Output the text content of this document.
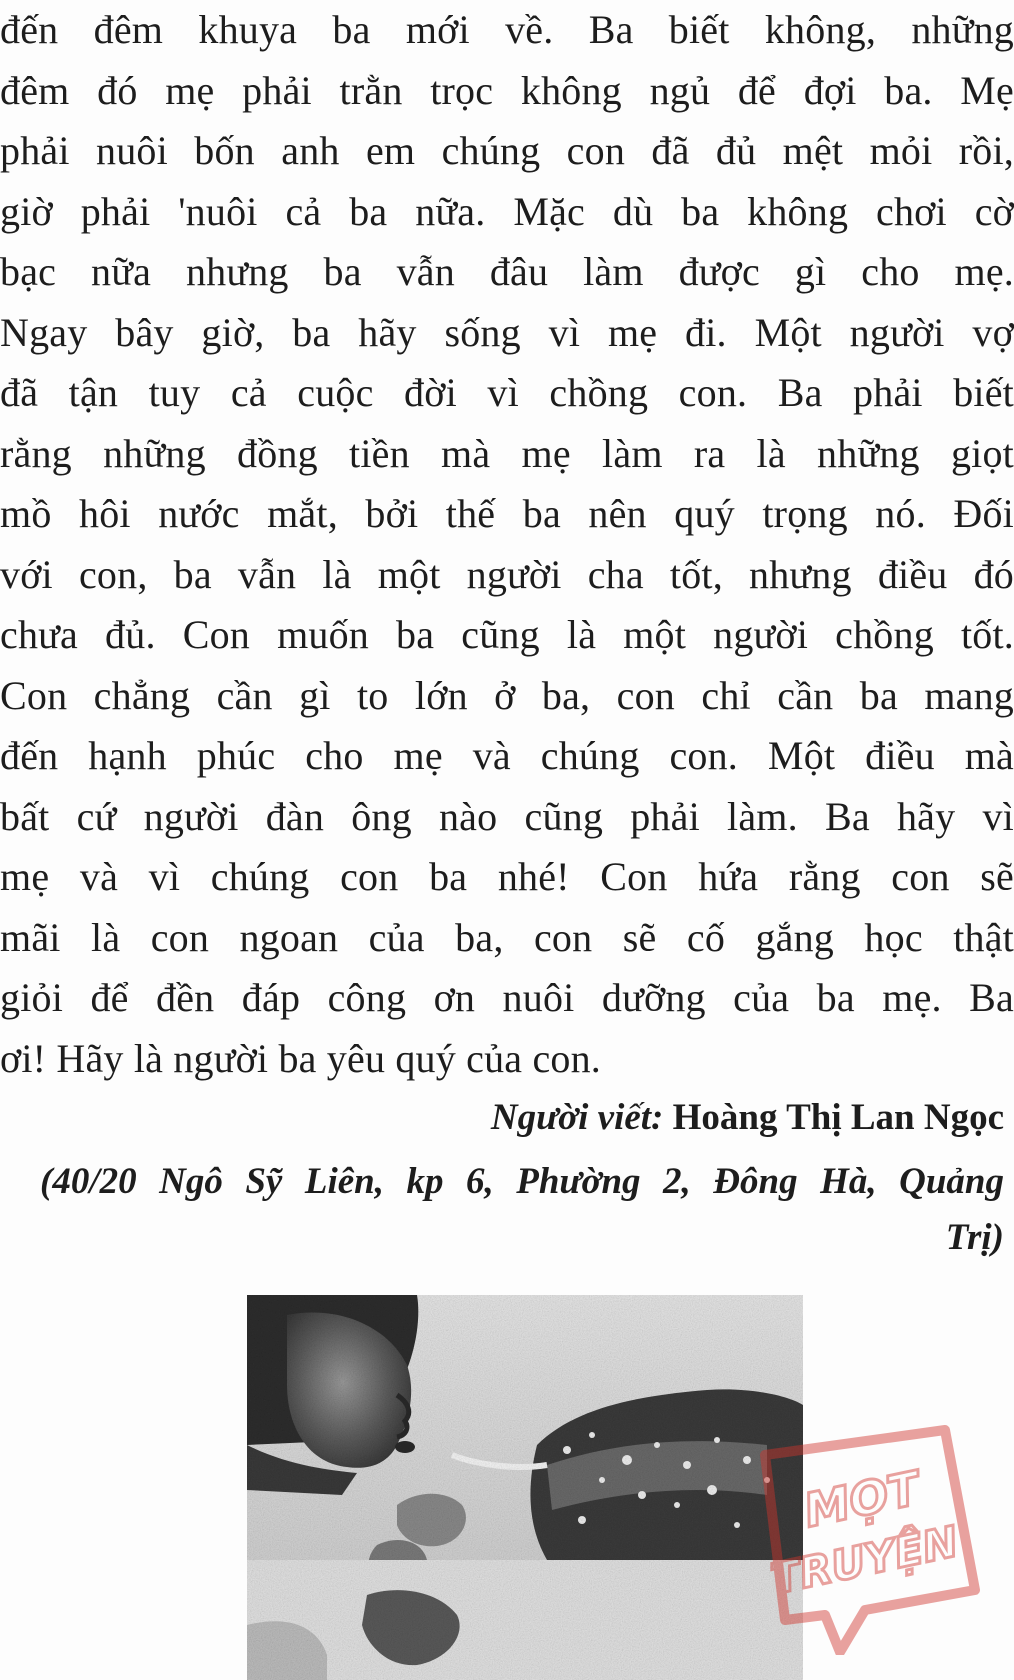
đến đêm khuya ba mới về. Ba biết không, những
đêm đó mẹ phải trằn trọc không ngủ để đợi ba. Mẹ
phải nuôi bốn anh em chúng con đã đủ mệt mỏi rồi,
giờ phải 'nuôi cả ba nữa. Mặc dù ba không chơi cờ
bạc nữa nhưng ba vẫn đâu làm được gì cho mẹ.
Ngay bây giờ, ba hãy sống vì mẹ đi. Một người vợ
đã tận tuy cả cuộc đời vì chồng con. Ba phải biết
rằng những đồng tiền mà mẹ làm ra là những giọt
mồ hôi nước mắt, bởi thế ba nên quý trọng nó. Đối
với con, ba vẫn là một người cha tốt, nhưng điều đó
chưa đủ. Con muốn ba cũng là một người chồng tốt.
Con chẳng cần gì to lớn ở ba, con chỉ cần ba mang
đến hạnh phúc cho mẹ và chúng con. Một điều mà
bất cứ người đàn ông nào cũng phải làm. Ba hãy vì
mẹ và vì chúng con ba nhé! Con hứa rằng con sẽ
mãi là con ngoan của ba, con sẽ cố gắng học thật
giỏi để đền đáp công ơn nuôi dưỡng của ba mẹ. Ba
ơi! Hãy là người ba yêu quý của con.
Người viết: Hoàng Thị Lan Ngọc
(40/20 Ngô Sỹ Liên, kp 6, Phường 2, Đông Hà, Quảng
Trị)
MỌT
TRUYỆN
